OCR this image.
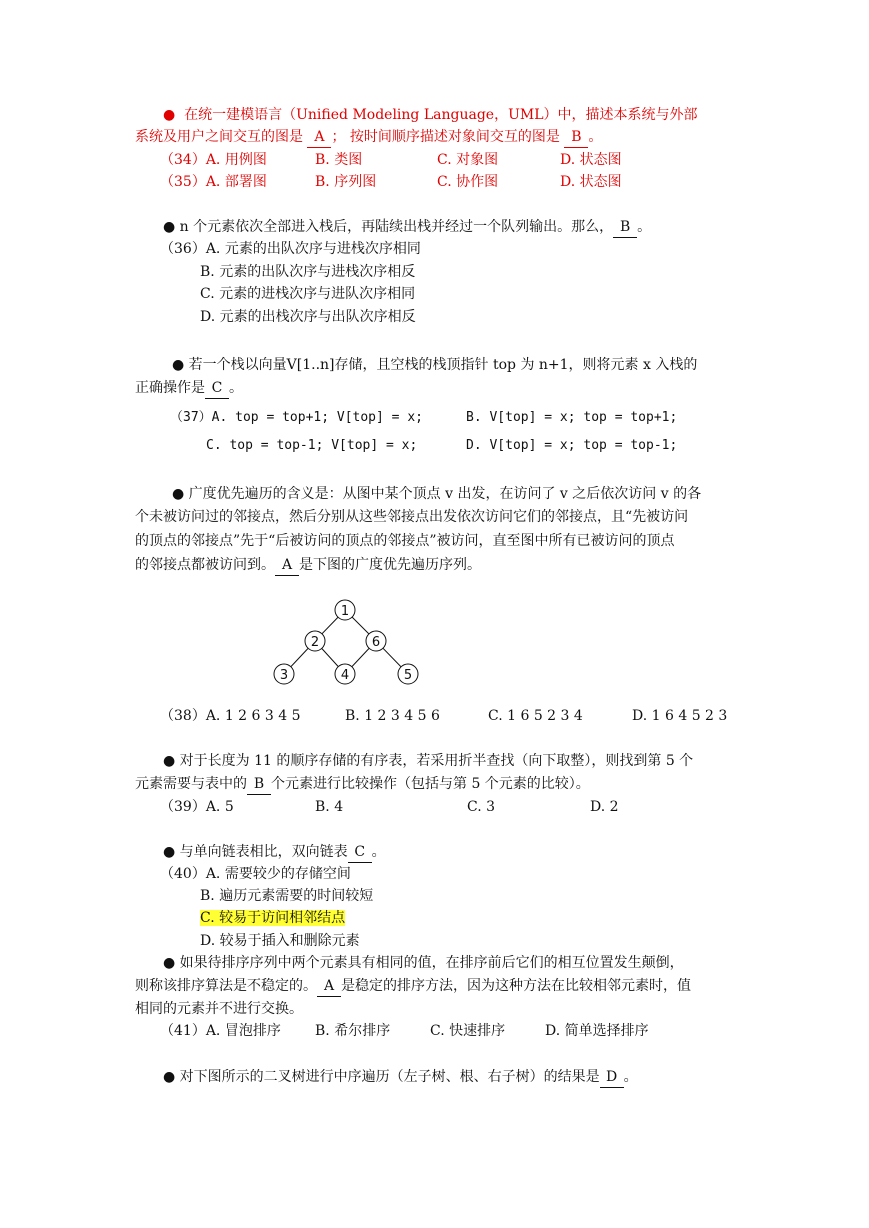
●  在统一建模语言（Unified Modeling Language，UML）中，描述本系统与外部
系统及用户之间交互的图是 A ； 按时间顺序描述对象间交互的图是 B 。
（34）A. 用例图	B. 类图	C. 对象图	D. 状态图
（35）A. 部署图	B. 序列图	C. 协作图	D. 状态图
● n 个元素依次全部进入栈后，再陆续出栈并经过一个队列输出。那么， B 。
（36）A. 元素的出队次序与进栈次序相同
B. 元素的出队次序与进栈次序相反
C. 元素的进栈次序与进队次序相同
D. 元素的出栈次序与出队次序相反
● 若一个栈以向量V[1..n]存储，且空栈的栈顶指针 top 为 n+1，则将元素 x 入栈的
正确操作是 C 。
（37）A. top = top+1; V[top] = x;	B. V[top] = x; top = top+1;
C. top = top-1; V[top] = x;	D. V[top] = x; top = top-1;
● 广度优先遍历的含义是：从图中某个顶点 v 出发，在访问了 v 之后依次访问 v 的各
个未被访问过的邻接点，然后分别从这些邻接点出发依次访问它们的邻接点，且“先被访问
的顶点的邻接点”先于“后被访问的顶点的邻接点”被访问，直至图中所有已被访问的顶点
的邻接点都被访问到。 A 是下图的广度优先遍历序列。
1
2	6
3	4	5
（38）A. 1 2 6 3 4 5	B. 1 2 3 4 5 6	C. 1 6 5 2 3 4	D. 1 6 4 5 2 3
● 对于长度为 11 的顺序存储的有序表，若采用折半查找（向下取整），则找到第 5 个
元素需要与表中的 B 个元素进行比较操作（包括与第 5 个元素的比较）。
（39）A. 5	B. 4	C. 3	D. 2
● 与单向链表相比，双向链表 C 。
（40）A. 需要较少的存储空间
B. 遍历元素需要的时间较短
C. 较易于访问相邻结点
D. 较易于插入和删除元素
● 如果待排序序列中两个元素具有相同的值，在排序前后它们的相互位置发生颠倒，
则称该排序算法是不稳定的。 A 是稳定的排序方法，因为这种方法在比较相邻元素时，值
相同的元素并不进行交换。
（41）A. 冒泡排序 B. 希尔排序	C. 快速排序	D. 简单选择排序
● 对下图所示的二叉树进行中序遍历（左子树、根、右子树）的结果是 D 。
